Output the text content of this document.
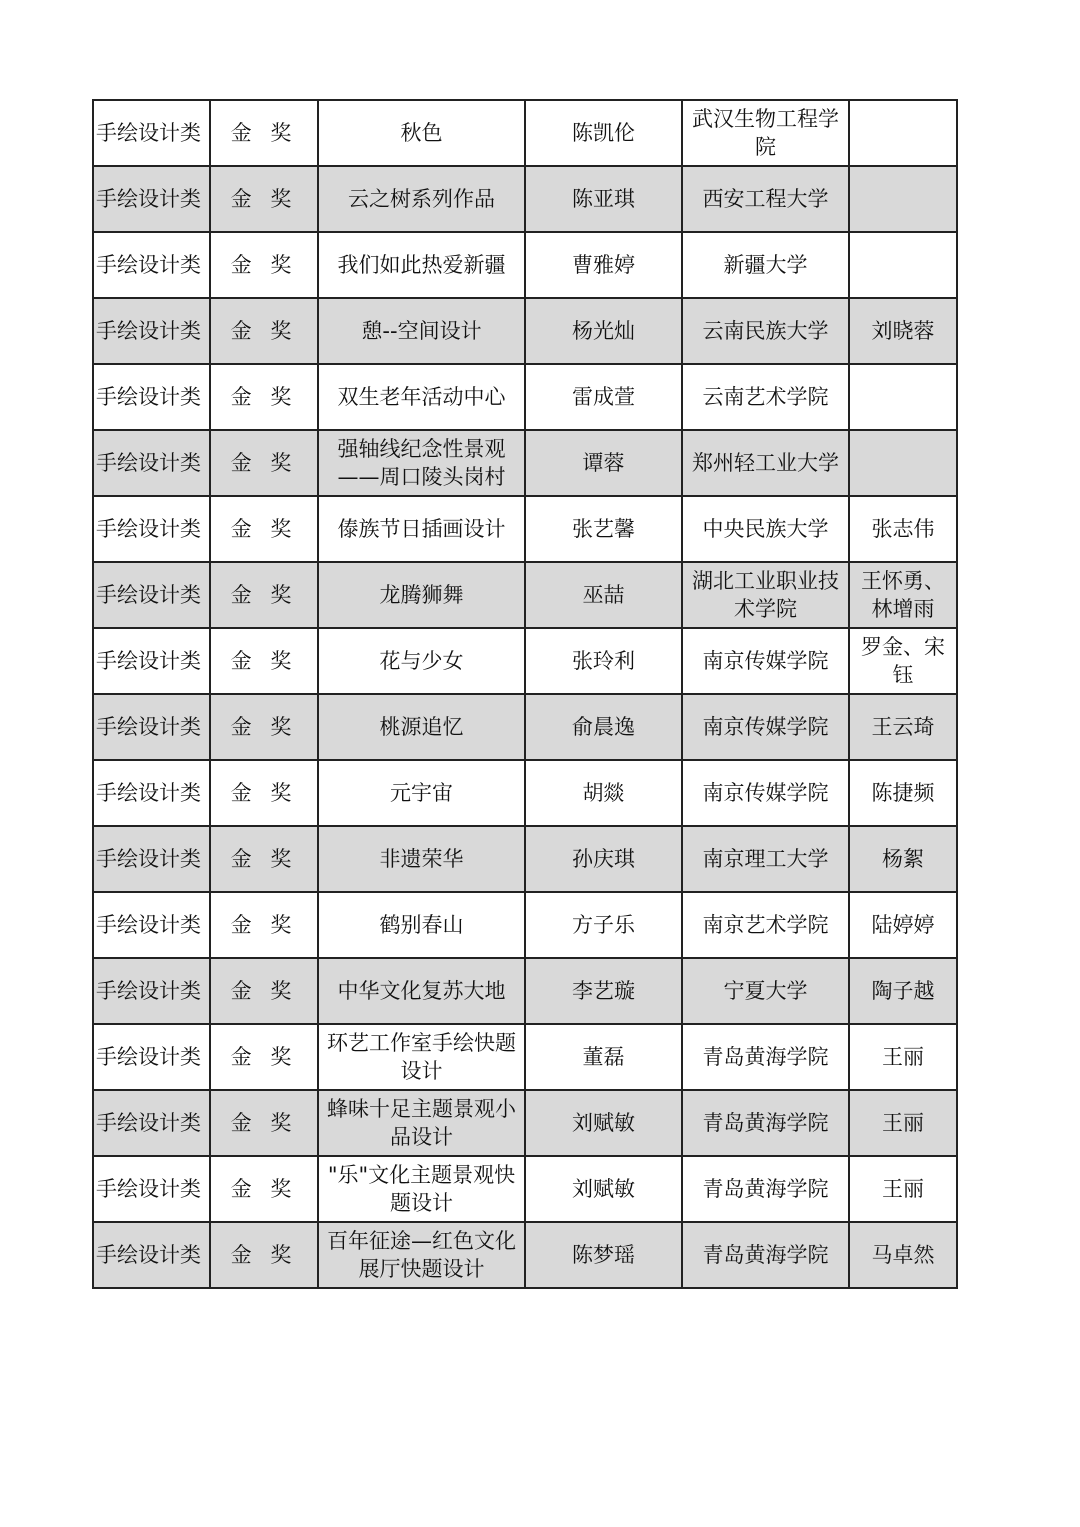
手绘设计类	金 奖	秋色	陈凯伦	武汉生物工程学院	
手绘设计类	金 奖	云之树系列作品	陈亚琪	西安工程大学	
手绘设计类	金 奖	我们如此热爱新疆	曹雅婷	新疆大学	
手绘设计类	金 奖	憩--空间设计	杨光灿	云南民族大学	刘晓蓉
手绘设计类	金 奖	双生老年活动中心	雷成萱	云南艺术学院	
手绘设计类	金 奖	强轴线纪念性景观——周口陵头岗村	谭蓉	郑州轻工业大学	
手绘设计类	金 奖	傣族节日插画设计	张艺馨	中央民族大学	张志伟
手绘设计类	金 奖	龙腾狮舞	巫喆	湖北工业职业技术学院	王怀勇、林增雨
手绘设计类	金 奖	花与少女	张玲利	南京传媒学院	罗金、宋钰
手绘设计类	金 奖	桃源追忆	俞晨逸	南京传媒学院	王云琦
手绘设计类	金 奖	元宇宙	胡燚	南京传媒学院	陈捷频
手绘设计类	金 奖	非遗荣华	孙庆琪	南京理工大学	杨絮
手绘设计类	金 奖	鹤别春山	方子乐	南京艺术学院	陆婷婷
手绘设计类	金 奖	中华文化复苏大地	李艺璇	宁夏大学	陶子越
手绘设计类	金 奖	环艺工作室手绘快题设计	董磊	青岛黄海学院	王丽
手绘设计类	金 奖	蜂味十足主题景观小品设计	刘赋敏	青岛黄海学院	王丽
手绘设计类	金 奖	"乐"文化主题景观快题设计	刘赋敏	青岛黄海学院	王丽
手绘设计类	金 奖	百年征途—红色文化展厅快题设计	陈梦瑶	青岛黄海学院	马卓然
